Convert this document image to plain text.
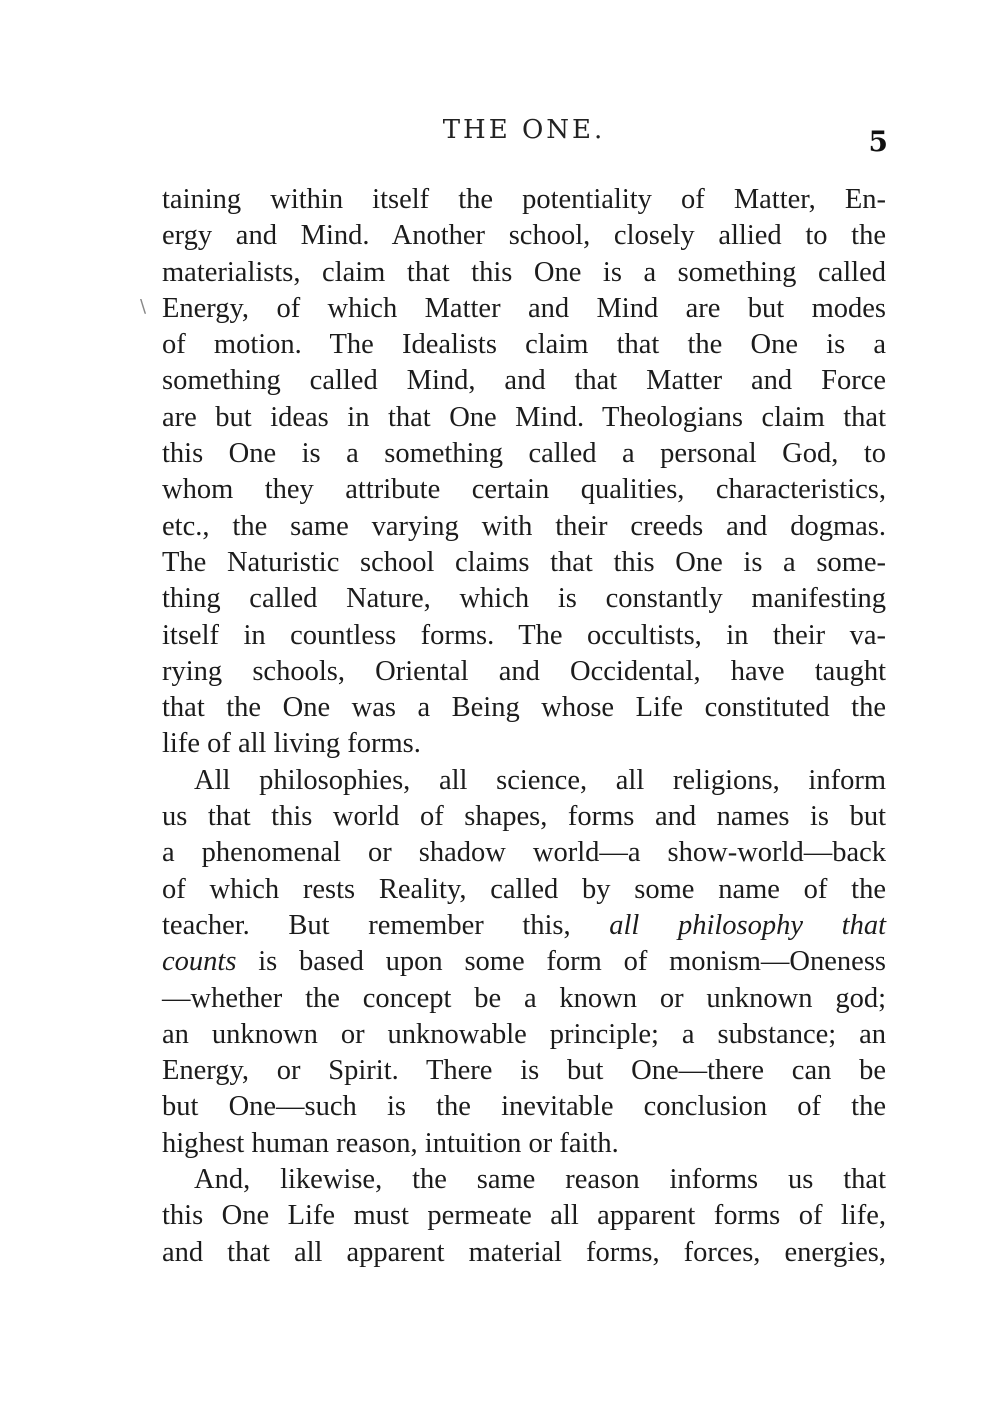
THE ONE.	5
\
taining within itself the potentiality of Matter, En-
ergy and Mind. Another school, closely allied to the
materialists, claim that this One is a something called
Energy, of which Matter and Mind are but modes
of motion. The Idealists claim that the One is a
something called Mind, and that Matter and Force
are but ideas in that One Mind. Theologians claim that
this One is a something called a personal God, to
whom they attribute certain qualities, characteristics,
etc., the same varying with their creeds and dogmas.
The Naturistic school claims that this One is a some-
thing called Nature, which is constantly manifesting
itself in countless forms. The occultists, in their va-
rying schools, Oriental and Occidental, have taught
that the One was a Being whose Life constituted the
life of all living forms.
All philosophies, all science, all religions, inform
us that this world of shapes, forms and names is but
a phenomenal or shadow world—a show-world—back
of which rests Reality, called by some name of the
teacher. But remember this, all philosophy that
counts is based upon some form of monism—Oneness
—whether the concept be a known or unknown god;
an unknown or unknowable principle; a substance; an
Energy, or Spirit. There is but One—there can be
but One—such is the inevitable conclusion of the
highest human reason, intuition or faith.
And, likewise, the same reason informs us that
this One Life must permeate all apparent forms of life,
and that all apparent material forms, forces, energies,
